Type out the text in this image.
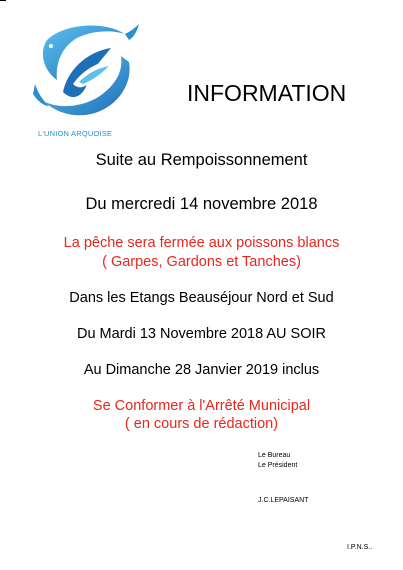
L'UNION ARQUOISE
INFORMATION
Suite au Rempoissonnement
Du mercredi 14 novembre 2018
La pêche sera fermée aux poissons blancs
( Garpes, Gardons et Tanches)
Dans les Etangs Beauséjour Nord et Sud
Du Mardi 13 Novembre 2018 AU SOIR
Au Dimanche 28 Janvier 2019 inclus
Se Conformer à l'Arrêté Municipal
( en cours de rédaction)
Le Bureau
Le Président
J.C.LEPAISANT
I.P.N.S..
